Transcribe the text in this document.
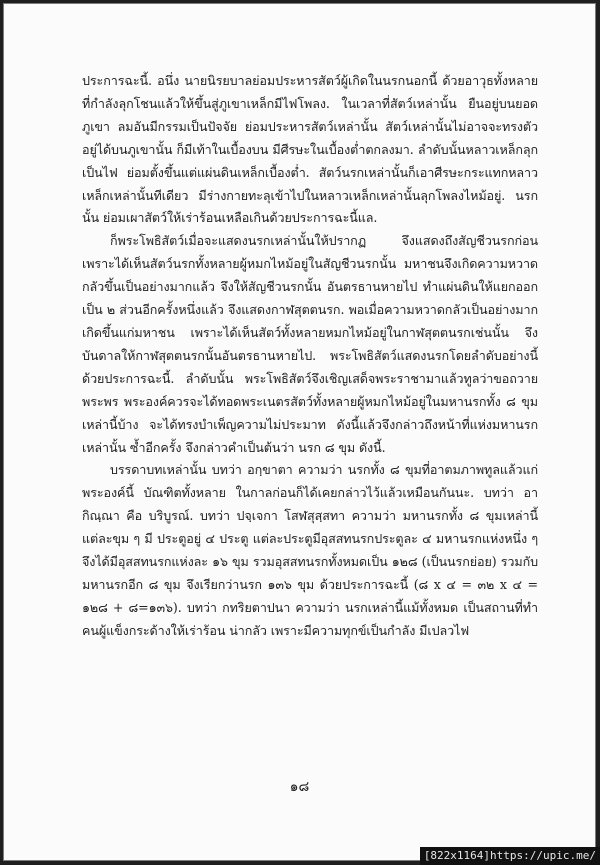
ประการฉะนี้. อนึ่ง นายนิรยบาลย่อมประหารสัตว์ผู้เกิดในนรกนอกนี้ ด้วยอาวุธทั้งหลายที่กำลังลุกโชนแล้วให้ขึ้นสู่ภูเขาเหล็กมีไฟโพลง. ในเวลาที่สัตว์เหล่านั้น ยืนอยู่บนยอดภูเขา ลมอันมีกรรมเป็นปัจจัย ย่อมประหารสัตว์เหล่านั้น สัตว์เหล่านั้นไม่อาจจะทรงตัวอยู่ได้บนภูเขานั้น ก็มีเท้าในเบื้องบน มีศีรษะในเบื้องต่ำตกลงมา. ลำดับนั้นหลาวเหล็กลุกเป็นไฟ ย่อมตั้งขึ้นแต่แผ่นดินเหล็กเบื้องต่ำ. สัตว์นรกเหล่านั้นก็เอาศีรษะกระแทกหลาวเหล็กเหล่านั้นทีเดียว มีร่างกายทะลุเข้าไปในหลาวเหล็กเหล่านั้นลุกโพลงไหม้อยู่. นรกนั้น ย่อมเผาสัตว์ให้เร่าร้อนเหลือเกินด้วยประการฉะนี้แล.

ก็พระโพธิสัตว์เมื่อจะแสดงนรกเหล่านั้นให้ปรากฏ จึงแสดงถึงสัญชีวนรกก่อน เพราะได้เห็นสัตว์นรกทั้งหลายผู้หมกไหม้อยู่ในสัญชีวนรกนั้น มหาชนจึงเกิดความหวาดกลัวขึ้นเป็นอย่างมากแล้ว จึงให้สัญชีวนรกนั้น อันตรธานหายไป ทำแผ่นดินให้แยกออกเป็น ๒ ส่วนอีกครั้งหนึ่งแล้ว จึงแสดงกาฬสุตตนรก. พอเมื่อความหวาดกลัวเป็นอย่างมากเกิดขึ้นแก่มหาชน เพราะได้เห็นสัตว์ทั้งหลายหมกไหม้อยู่ในกาฬสุตตนรกเช่นนั้น จึงบันดาลให้กาฬสุตตนรกนั้นอันตรธานหายไป. พระโพธิสัตว์แสดงนรกโดยลำดับอย่างนี้ด้วยประการฉะนี้. ลำดับนั้น พระโพธิสัตว์จึงเชิญเสด็จพระราชามาแล้วทูลว่าขอถวายพระพร พระองค์ควรจะได้ทอดพระเนตรสัตว์ทั้งหลายผู้หมกไหม้อยู่ในมหานรกทั้ง ๘ ขุมเหล่านี้บ้าง จะได้ทรงบำเพ็ญความไม่ประมาท ดังนี้แล้วจึงกล่าวถึงหน้าที่แห่งมหานรกเหล่านั้น ซ้ำอีกครั้ง จึงกล่าวคำเป็นต้นว่า นรก ๘ ขุม ดังนี้.

บรรดาบทเหล่านั้น บทว่า อกฺขาตา ความว่า นรกทั้ง ๘ ขุมที่อาตมภาพทูลแล้วแก่พระองค์นี้ บัณฑิตทั้งหลาย ในกาลก่อนก็ได้เคยกล่าวไว้แล้วเหมือนกันนะ. บทว่า อากิณฺณา คือ บริบูรณ์. บทว่า ปจฺเจกา โสฬสุสฺสทา ความว่า มหานรกทั้ง ๘ ขุมเหล่านี้แต่ละขุม ๆ มี ประตูอยู่ ๔ ประตู แต่ละประตูมีอุสสทนรกประตูละ ๔ มหานรกแห่งหนึ่ง ๆ จึงได้มีอุสสทนรกแห่งละ ๑๖ ขุม รวมอุสสทนรกทั้งหมดเป็น ๑๒๘ (เป็นนรกย่อย) รวมกับมหานรกอีก ๘ ขุม จึงเรียกว่านรก ๑๓๖ ขุม ด้วยประการฉะนี้ (๘ x ๔ = ๓๒ x ๔ = ๑๒๘ + ๘=๑๓๖). บทว่า กทริยตาปนา ความว่า นรกเหล่านี้แม้ทั้งหมด เป็นสถานที่ทำคนผู้แข็งกระด้างให้เร่าร้อน น่ากลัว เพราะมีความทุกข์เป็นกำลัง มีเปลวไฟ

๑๘
[822x1164]https://upic.me/
